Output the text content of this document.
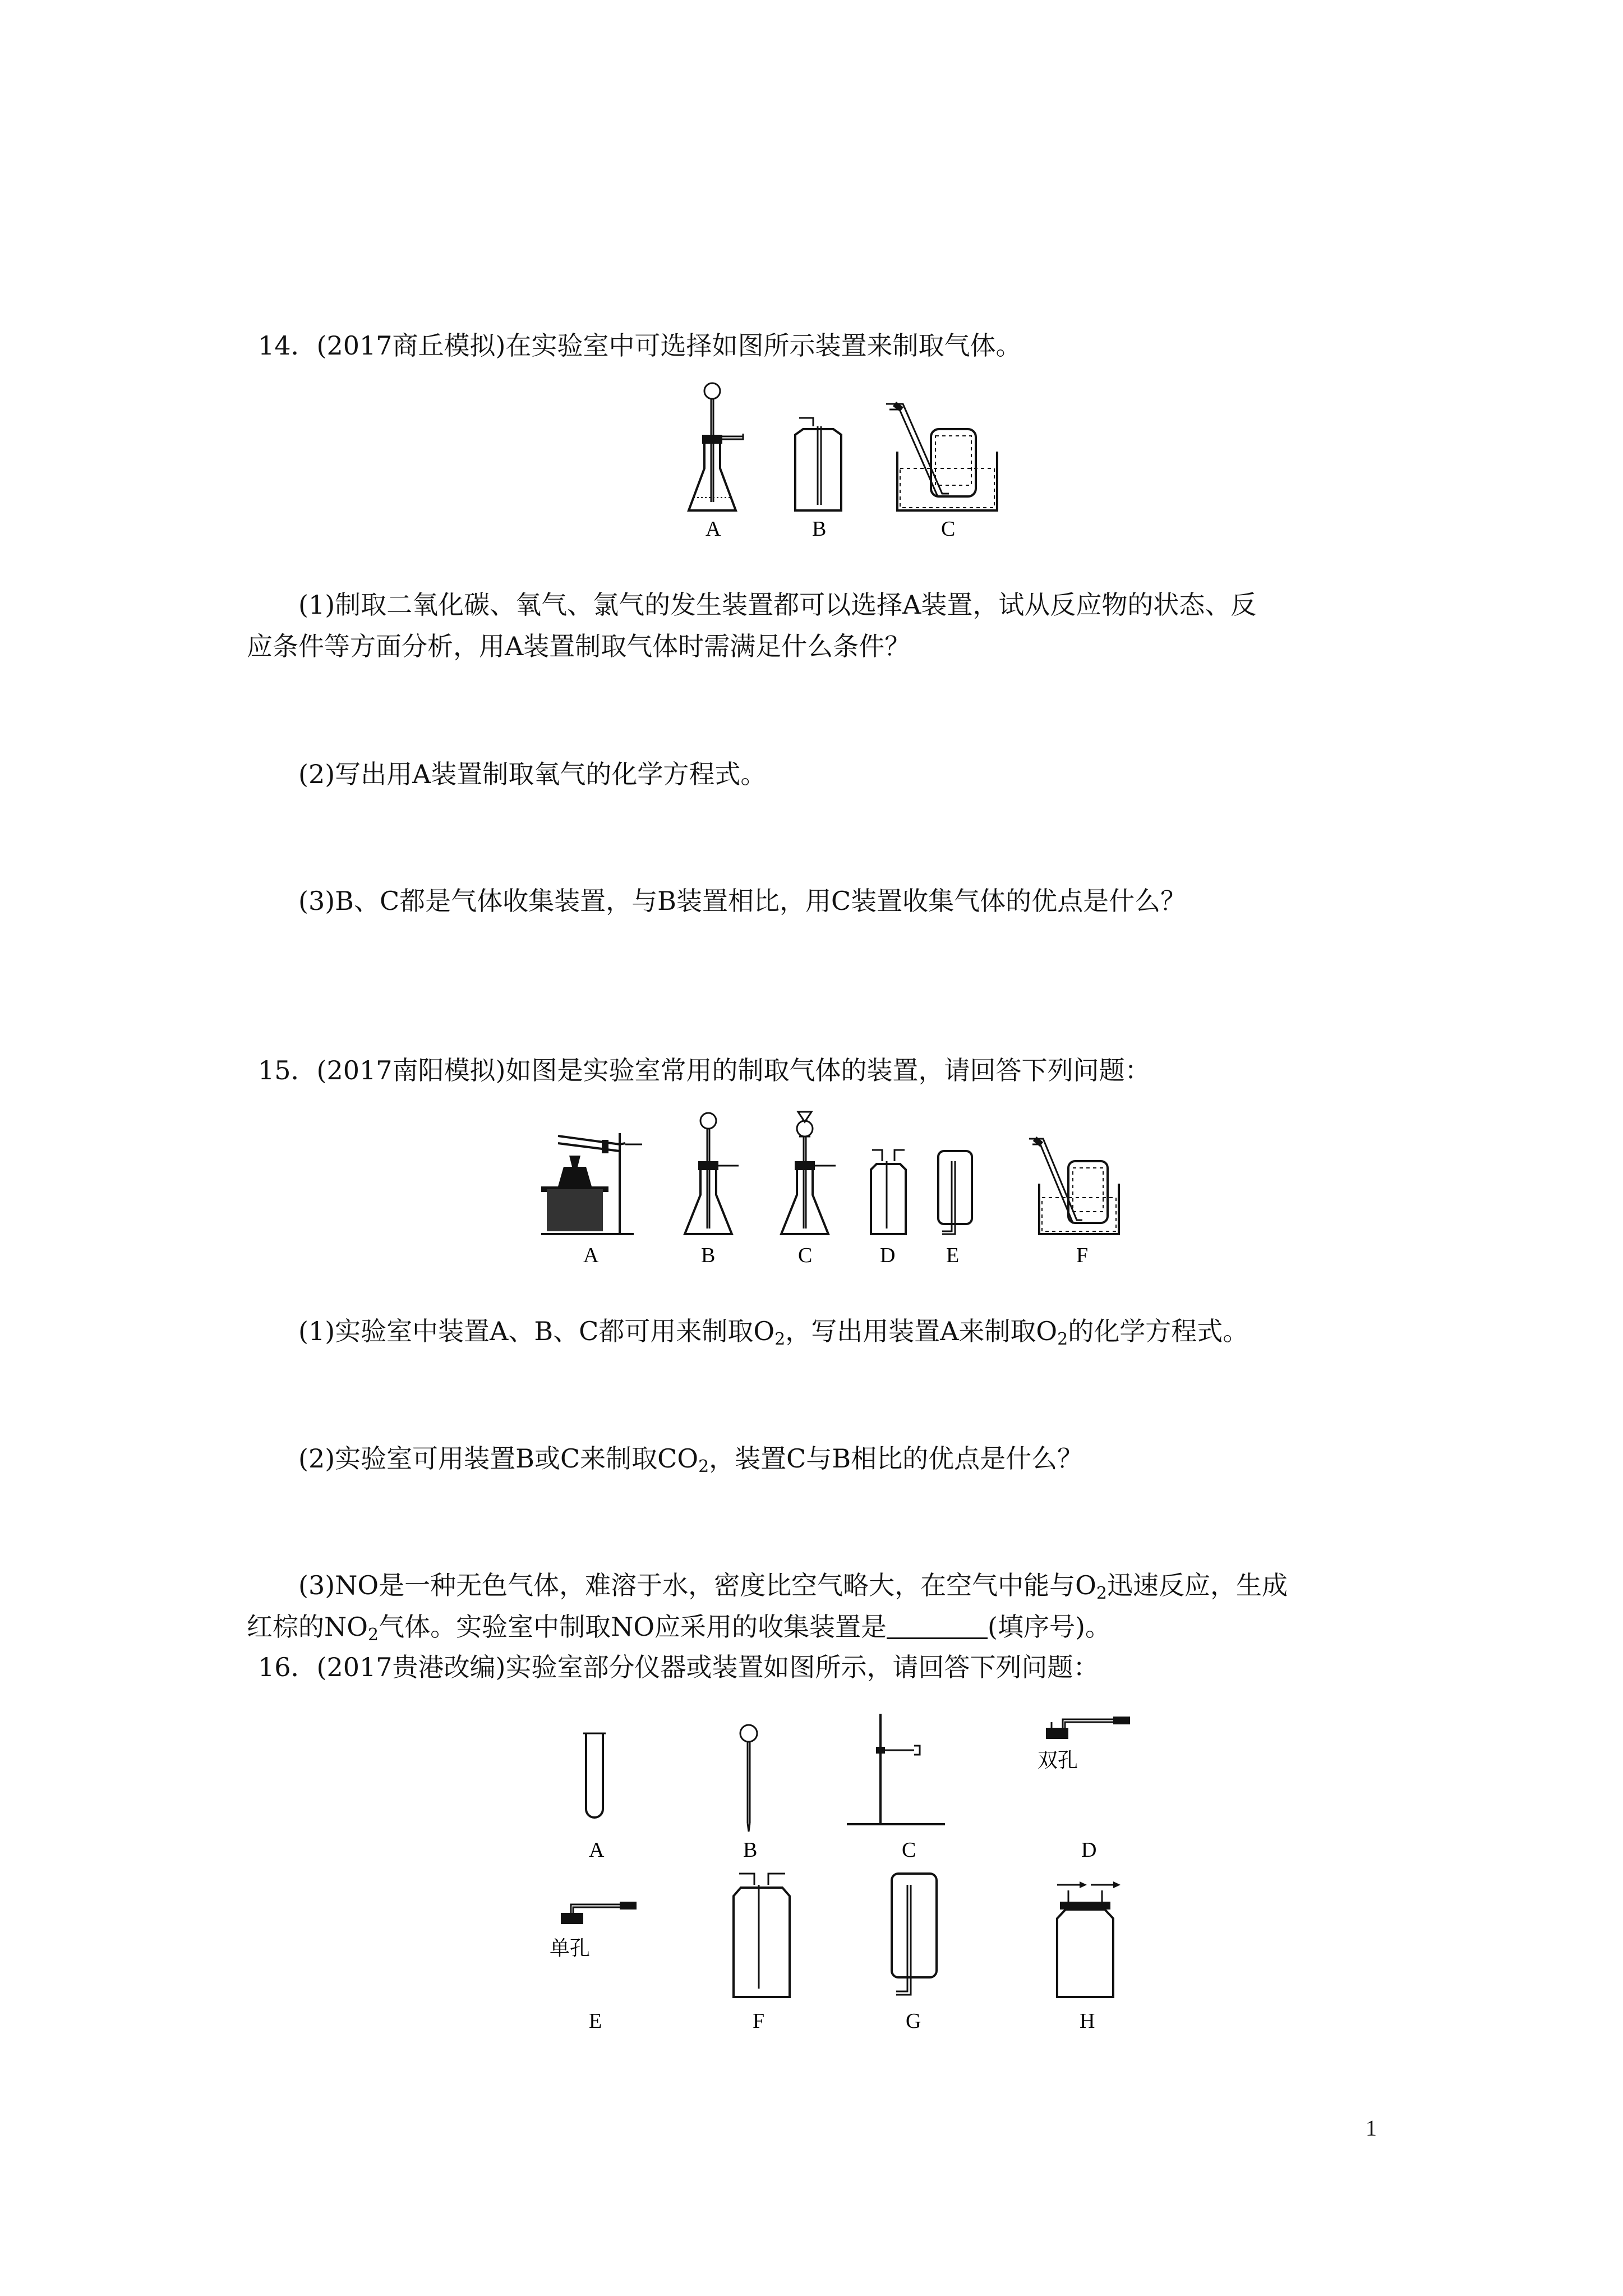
14．(2017商丘模拟)在实验室中可选择如图所示装置来制取气体。
A	B	C
(1)制取二氧化碳、氧气、氯气的发生装置都可以选择A装置，试从反应物的状态、反
应条件等方面分析，用A装置制取气体时需满足什么条件？
(2)写出用A装置制取氧气的化学方程式。
(3)B、C都是气体收集装置，与B装置相比，用C装置收集气体的优点是什么？
15．(2017南阳模拟)如图是实验室常用的制取气体的装置，请回答下列问题：
A	B	C	D E	F
(1)实验室中装置A、B、C都可用来制取$O_2$，写出用装置A来制取$O_2$的化学方程式。
(2)实验室可用装置B或C来制取$CO_2$，装置C与B相比的优点是什么？
(3)NO是一种无色气体，难溶于水，密度比空气略大，在空气中能与$O_2$迅速反应，生成
红棕的$NO_2$气体。实验室中制取NO应采用的收集装置是	(填序号)。
16．(2017贵港改编)实验室部分仪器或装置如图所示，请回答下列问题：
双孔
A	B	C	D
单孔
E	F	G	H
1
